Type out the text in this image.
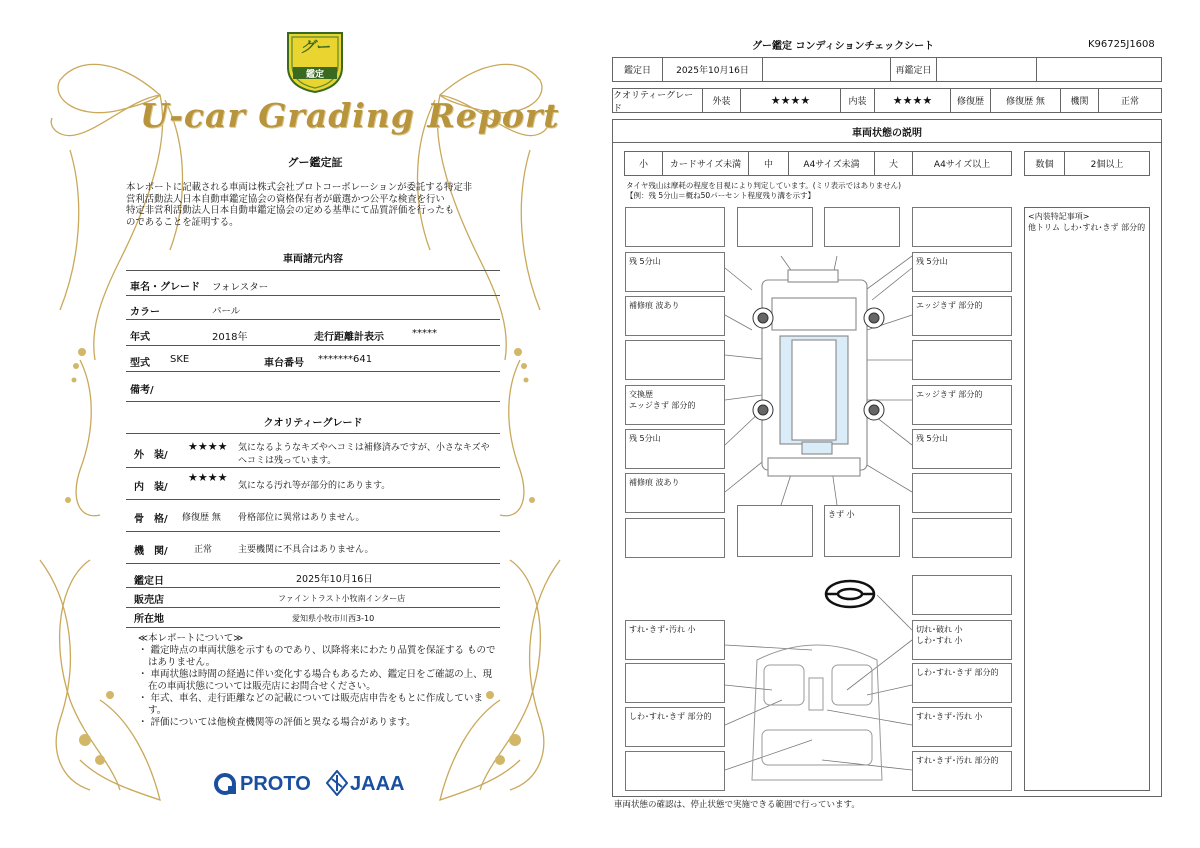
グー
鑑定
U-car Grading Report
グー鑑定証
本レポートに記載される車両は株式会社プロトコーポレーションが委託する特定非
営利活動法人日本自動車鑑定協会の資格保有者が厳選かつ公平な検査を行い
特定非営利活動法人日本自動車鑑定協会の定める基準にて品質評価を行ったも
のであることを証明する。
車両諸元内容
車名・グレード フォレスター
カラー	パール
年式	2018年	走行距離計表示	*****
型式 SKE	車台番号 *******641
備考/
クオリティーグレード
外　装/
★★★★ 気になるようなキズやヘコミは補修済みですが、小さなキズや
ヘコミは残っています。
内　装/
★★★★
気になる汚れ等が部分的にあります。
骨　格/ 修復歴 無 骨格部位に異常はありません。
機　関/	正常	主要機関に不具合はありません。
鑑定日	2025年10月16日
販売店	ファイントラスト小牧南インター店
所在地	愛知県小牧市川西3-10
≪本レポートについて≫
・ 鑑定時点の車両状態を示すものであり、以降将来にわたり品質を保証する ものではありません。
・ 車両状態は時間の経過に伴い変化する場合もあるため、鑑定日をご確認の上、現在の車両状態については販売店にお問合せください。
・ 年式、車名、走行距離などの記載については販売店申告をもとに作成しています。
・ 評価については他検査機関等の評価と異なる場合があります。
PROTO JAAA
グー鑑定 コンディションチェックシート	K96725J1608
鑑定日	2025年10月16日	再鑑定日
クオリティーグレード
外装	★★★★	内装	★★★★	修復歴	修復歴 無	機関	正常
車両状態の説明
小	カードサイズ未満	中	A4サイズ未満	大	A4サイズ以上	数個	2個以上
タイヤ残山は摩耗の程度を目視により判定しています。(ミリ表示ではありません)
【例：残 5分山＝概ね50パーセント程度残り溝を示す】
<内装特記事項>
他トリム しわ･すれ･きず 部分的
残 5分山
補修痕 波あり
交換歴
エッジきず 部分的
残 5分山
補修痕 波あり
きず 小
残 5分山
エッジきず 部分的
エッジきず 部分的
残 5分山
すれ･きず･汚れ 小
しわ･すれ･きず 部分的
切れ･破れ 小
しわ･すれ 小
しわ･すれ･きず 部分的
すれ･きず･汚れ 小
すれ･きず･汚れ 部分的
車両状態の確認は、停止状態で実施できる範囲で行っています。
